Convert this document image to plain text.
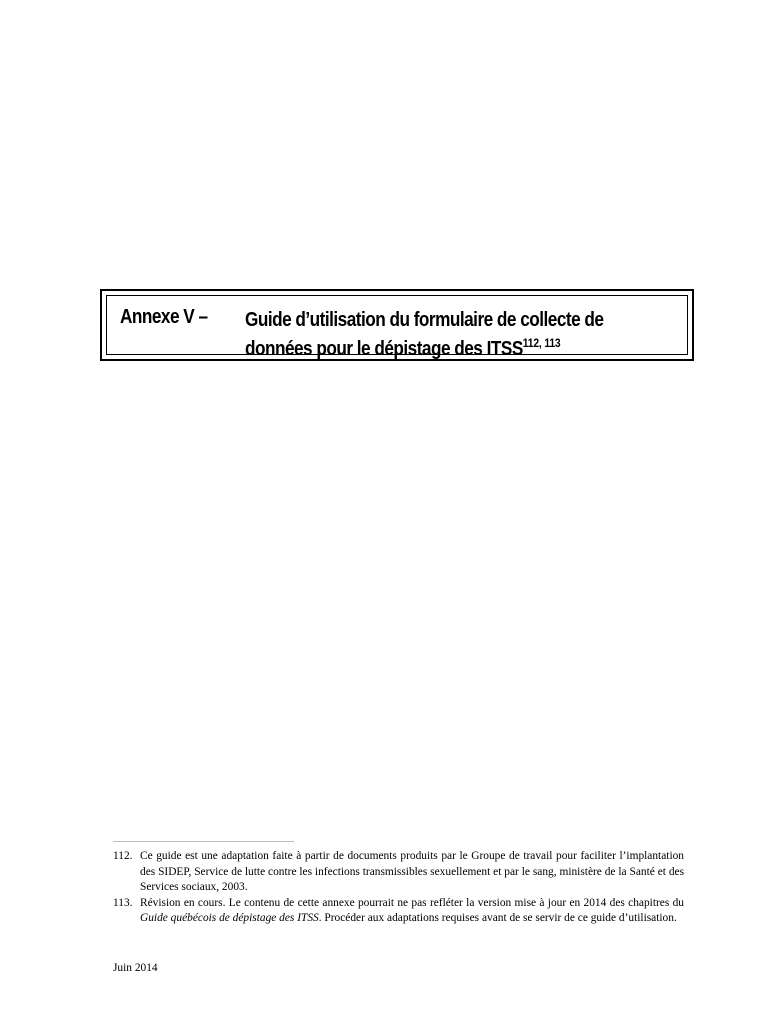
Annexe V – Guide d’utilisation du formulaire de collecte de
données pour le dépistage des ITSS$^{112, 113}$
112. Ce guide est une adaptation faite à partir de documents produits par le Groupe de travail pour faciliter l’implantation des SIDEP, Service de lutte contre les infections transmissibles sexuellement et par le sang, ministère de la Santé et des Services sociaux, 2003.
113. Révision en cours. Le contenu de cette annexe pourrait ne pas refléter la version mise à jour en 2014 des chapitres du Guide québécois de dépistage des ITSS. Procéder aux adaptations requises avant de se servir de ce guide d’utilisation.
Juin 2014
